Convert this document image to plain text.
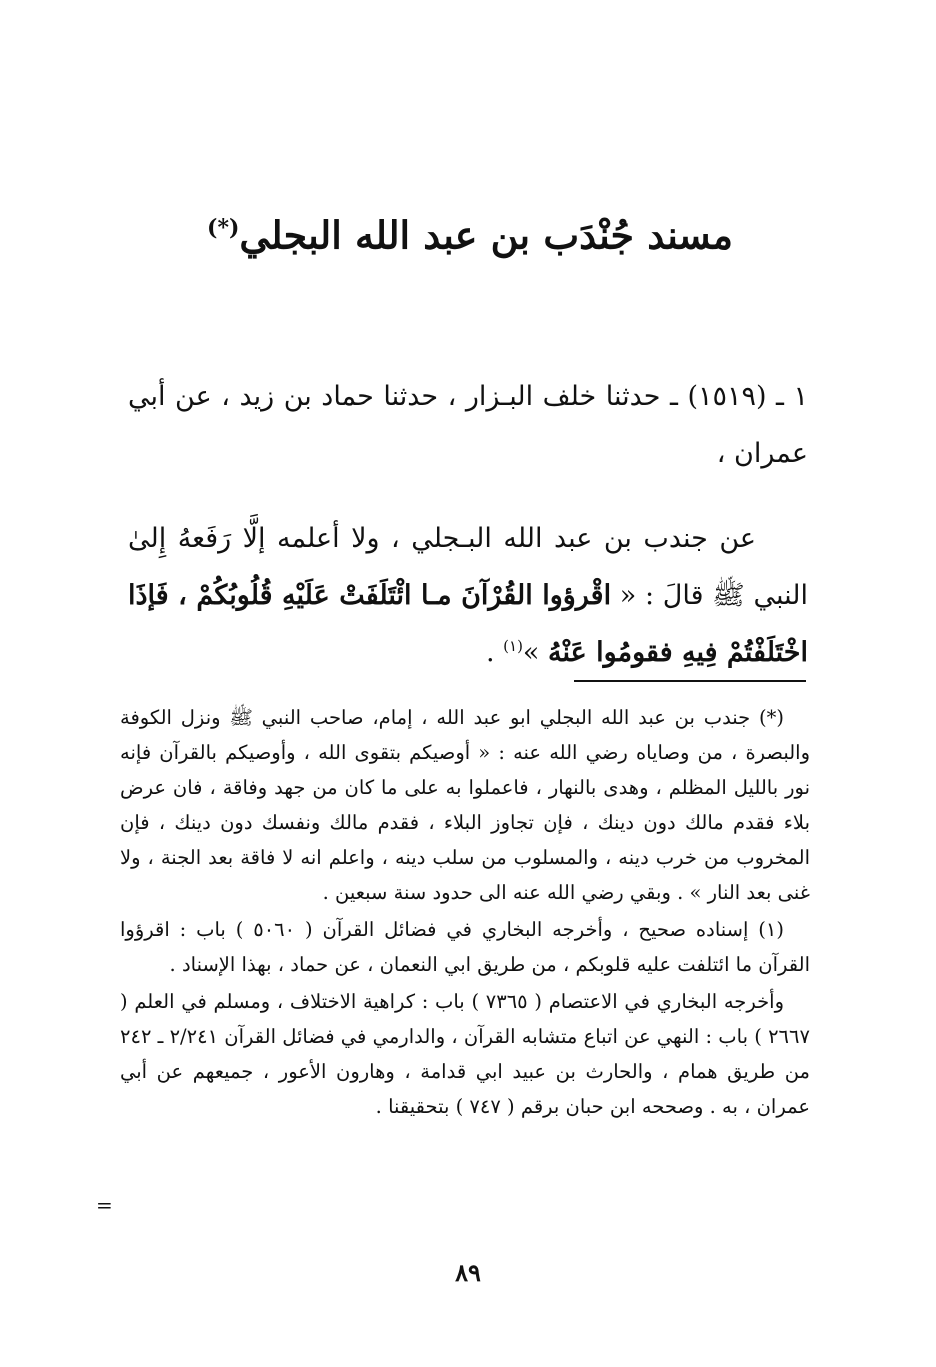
مسند جُنْدَب بن عبد الله البجلي(*)

١ ـ (١٥١٩) ـ حدثنا خلف البـزار ، حدثنا حماد بن زيد ، عن أبي عمران ،

عن جندب بن عبد الله البـجلي ، ولا أعلمه إلَّا رَفَعهُ إِلىٰ النبي ﷺ قالَ : « اقْرؤوا القُرْآنَ مـا ائْتَلَفَتْ عَلَيْهِ قُلُوبُكُمْ ، فَإذَا اخْتَلَفْتُمْ فِيهِ فقومُوا عَنْهُ »$^{(١)}$ .

(*) جندب بن عبد الله البجلي ابو عبد الله ، إمام، صاحب النبي ﷺ ونزل الكوفة والبصرة ، من وصاياه رضي الله عنه : « أوصيكم بتقوى الله ، وأوصيكم بالقرآن فإنه نور بالليل المظلم ، وهدى بالنهار ، فاعملوا به على ما كان من جهد وفاقة ، فان عرض بلاء فقدم مالك دون دينك ، فإن تجاوز البلاء ، فقدم مالك ونفسك دون دينك ، فإن المخروب من خرب دينه ، والمسلوب من سلب دينه ، واعلم انه لا فاقة بعد الجنة ، ولا غنى بعد النار » . وبقي رضي الله عنه الى حدود سنة سبعين .

(١) إسناده صحيح ، وأخرجه البخاري في فضائل القرآن ( ٥٠٦٠ ) باب : اقرؤوا القرآن ما ائتلفت عليه قلوبكم ، من طريق ابي النعمان ، عن حماد ، بهذا الإسناد .

وأخرجه البخاري في الاعتصام ( ٧٣٦٥ ) باب : كراهية الاختلاف ، ومسلم في العلم ( ٢٦٦٧ ) باب : النهي عن اتباع متشابه القرآن ، والدارمي في فضائل القرآن ٢/٢٤١ ـ ٢٤٢ من طريق همام ، والحارث بن عبيد ابي قدامة ، وهارون الأعور ، جميعهم عن أبي عمران ، به . وصححه ابن حبان برقم ( ٧٤٧ ) بتحقيقنا .

=
٨٩
